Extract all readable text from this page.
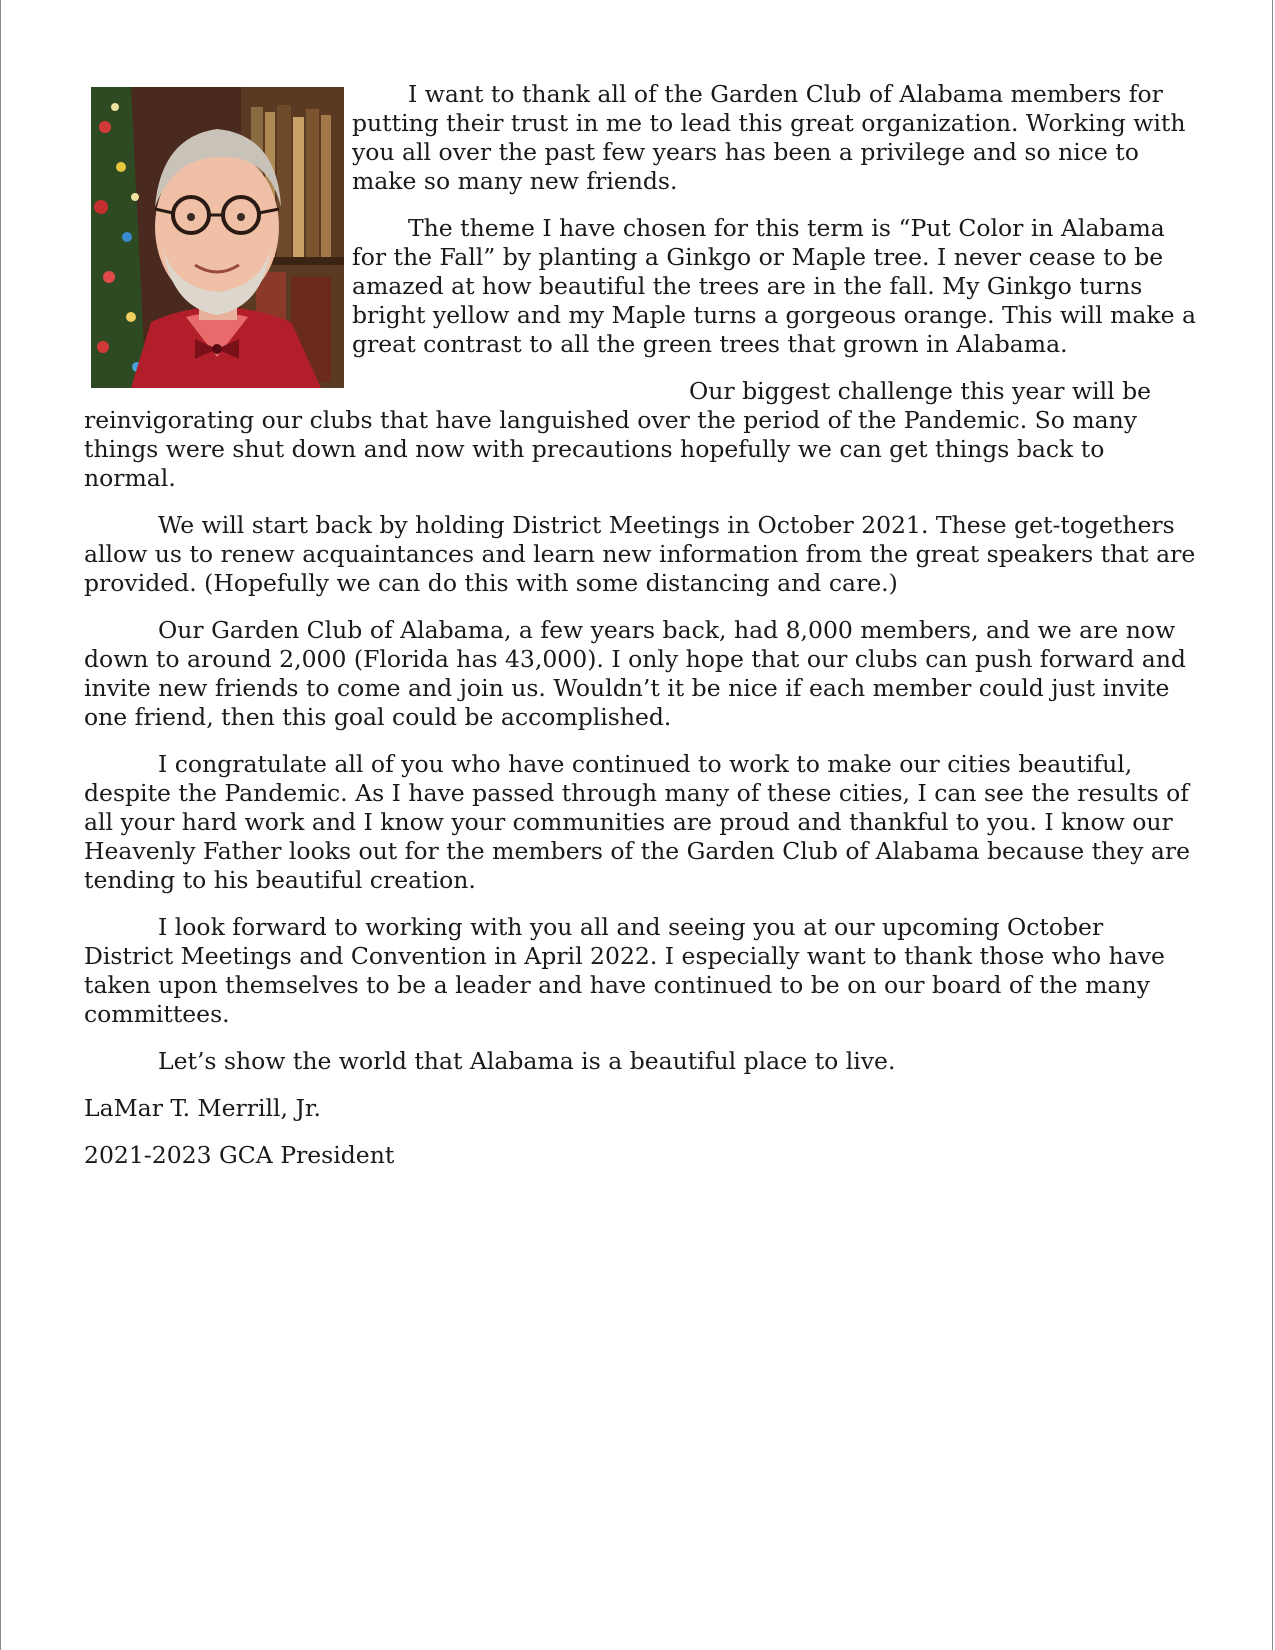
I want to thank all of the Garden Club of Alabama members for putting their trust in me to lead this great organization. Working with you all over the past few years has been a privilege and so nice to make so many new friends.

The theme I have chosen for this term is “Put Color in Alabama for the Fall” by planting a Ginkgo or Maple tree. I never cease to be amazed at how beautiful the trees are in the fall. My Ginkgo turns bright yellow and my Maple turns a gorgeous orange. This will make a great contrast to all the green trees that grown in Alabama.

Our biggest challenge this year will be reinvigorating our clubs that have languished over the period of the Pandemic. So many things were shut down and now with precautions hopefully we can get things back to normal.

We will start back by holding District Meetings in October 2021. These get-togethers allow us to renew acquaintances and learn new information from the great speakers that are provided. (Hopefully we can do this with some distancing and care.)

Our Garden Club of Alabama, a few years back, had 8,000 members, and we are now down to around 2,000 (Florida has 43,000). I only hope that our clubs can push forward and invite new friends to come and join us. Wouldn’t it be nice if each member could just invite one friend, then this goal could be accomplished.

I congratulate all of you who have continued to work to make our cities beautiful, despite the Pandemic. As I have passed through many of these cities, I can see the results of all your hard work and I know your communities are proud and thankful to you. I know our Heavenly Father looks out for the members of the Garden Club of Alabama because they are tending to his beautiful creation.

I look forward to working with you all and seeing you at our upcoming October District Meetings and Convention in April 2022. I especially want to thank those who have taken upon themselves to be a leader and have continued to be on our board of the many committees.

Let’s show the world that Alabama is a beautiful place to live.

LaMar T. Merrill, Jr.

2021-2023 GCA President
